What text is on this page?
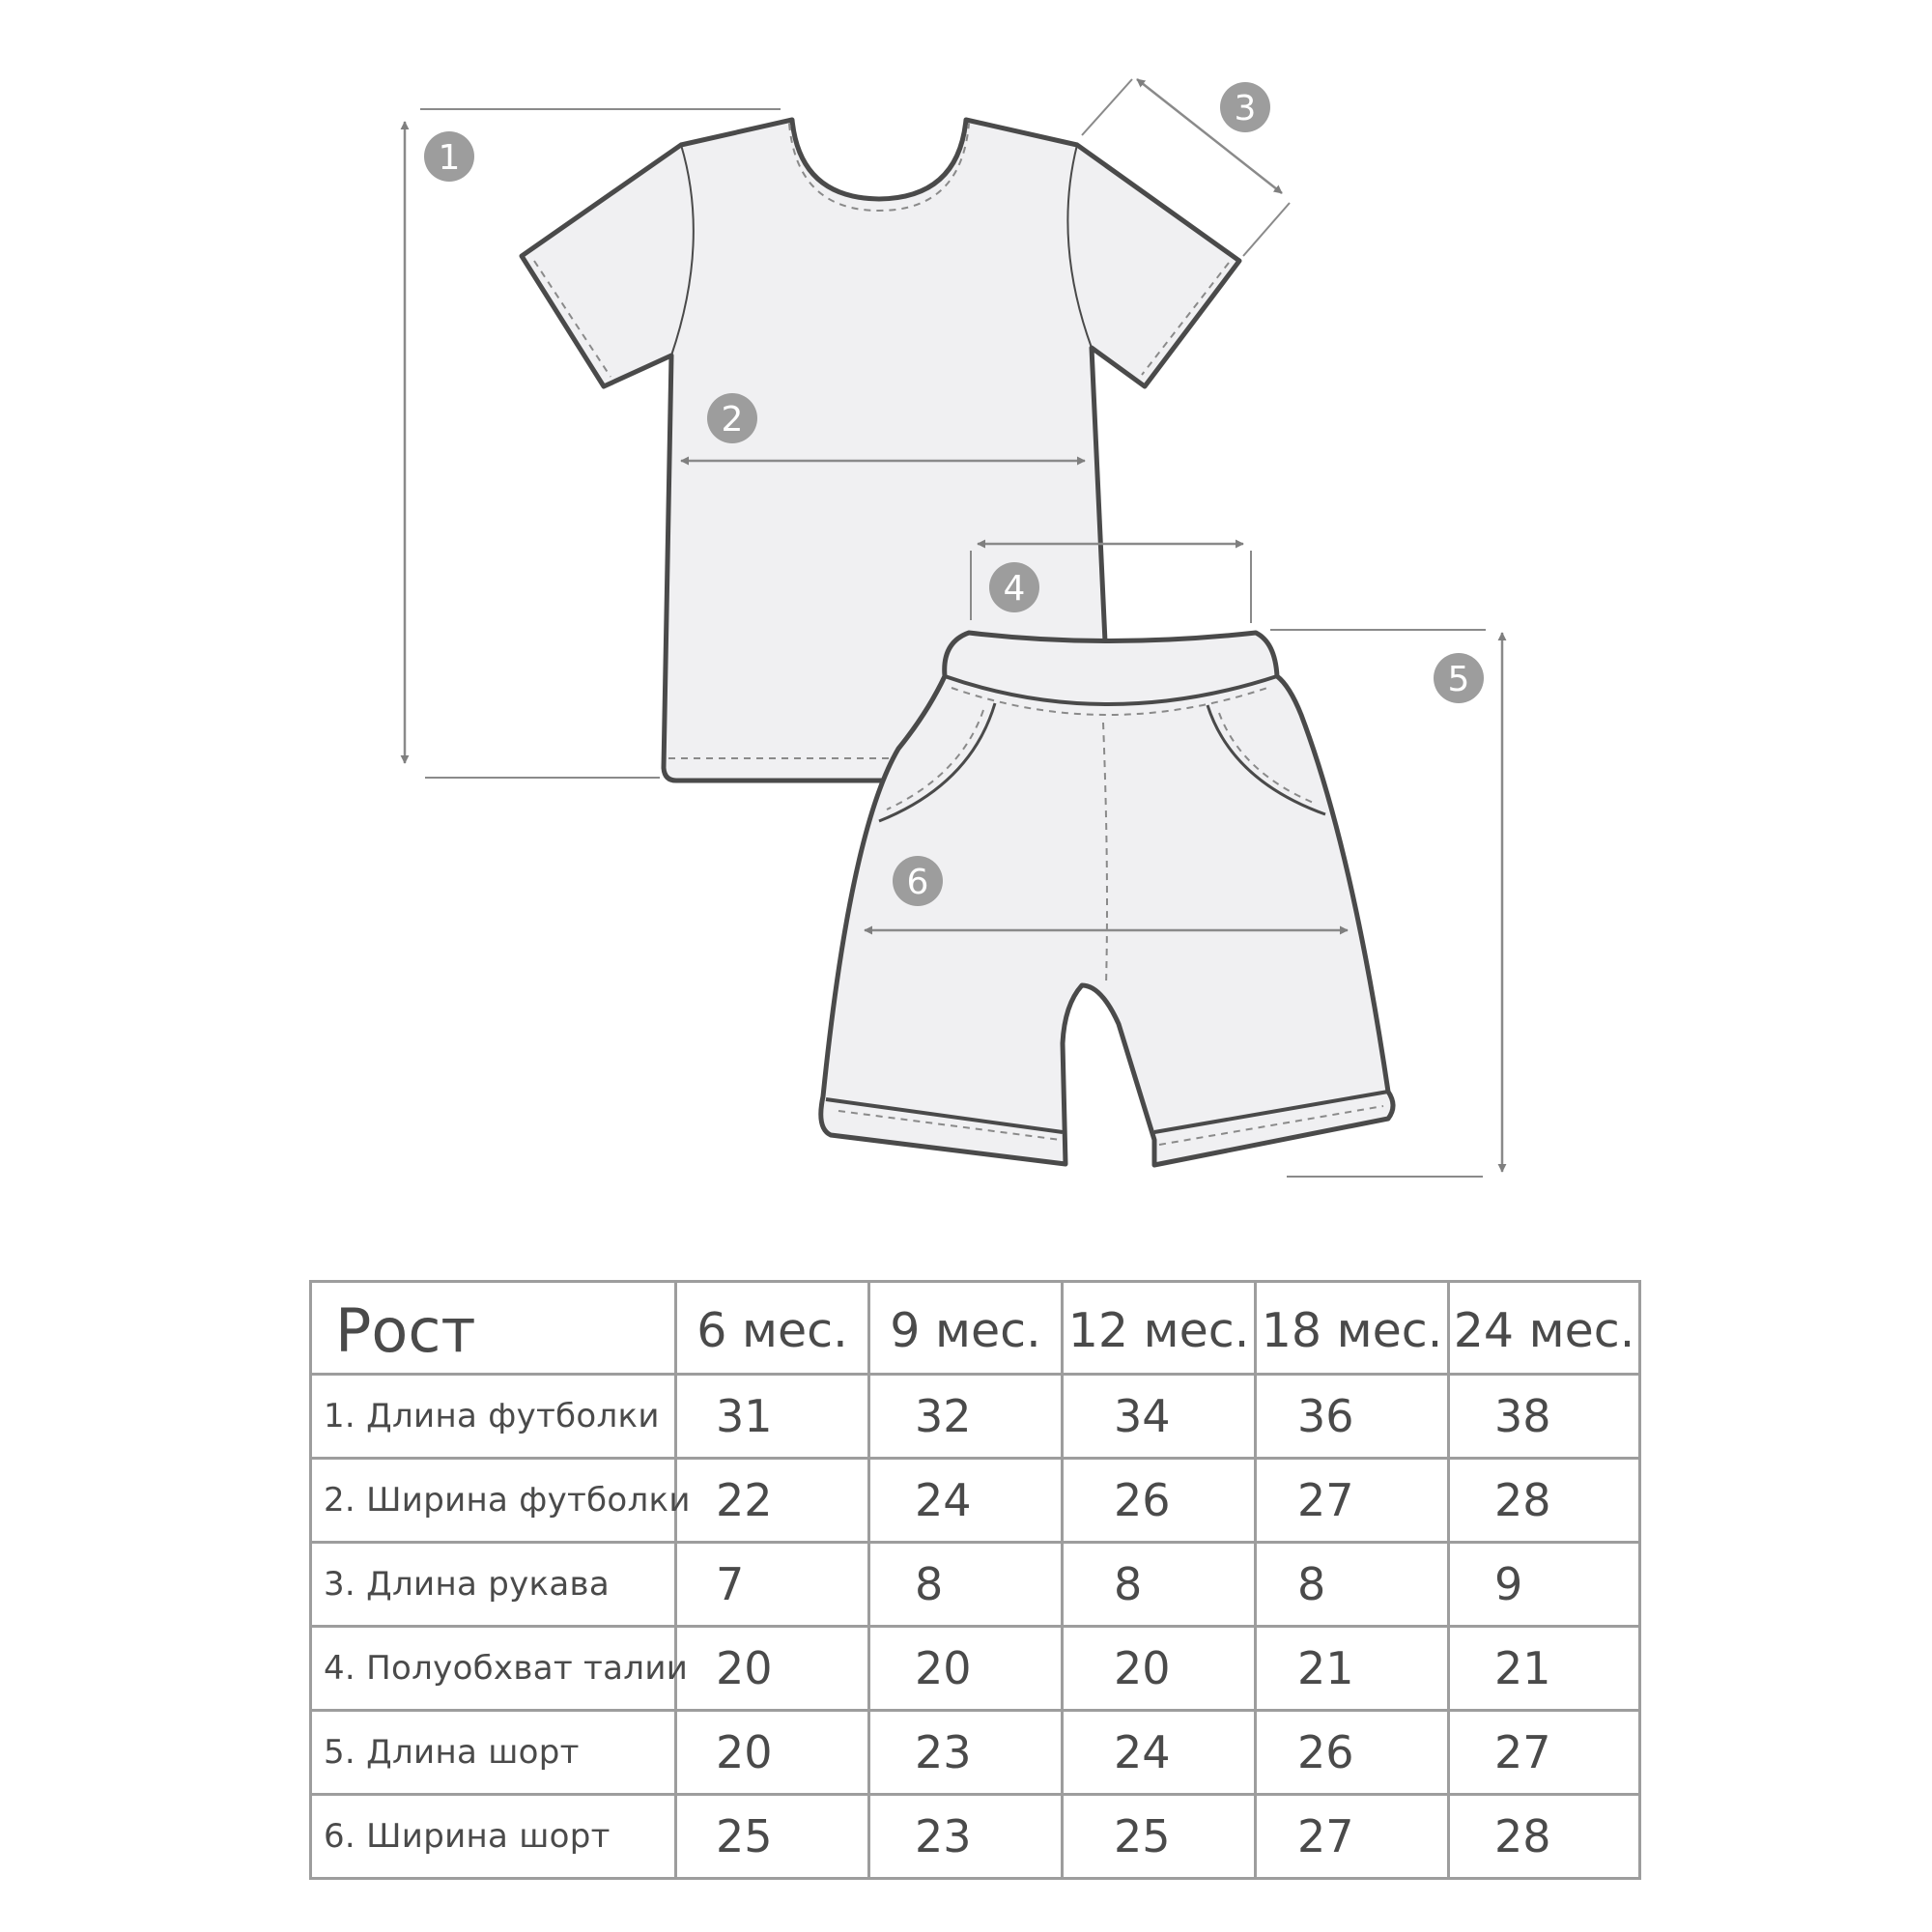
1
2
3
4
5
6
Рост	6 мес.	9 мес.	12 мес.	18 мес.	24 мес.
1. Длина футболки	31	32	34	36	38
2. Ширина футболки	22	24	26	27	28
3. Длина рукава	7	8	8	8	9
4. Полуобхват талии	20	20	20	21	21
5. Длина шорт	20	23	24	26	27
6. Ширина шорт	25	23	25	27	28
